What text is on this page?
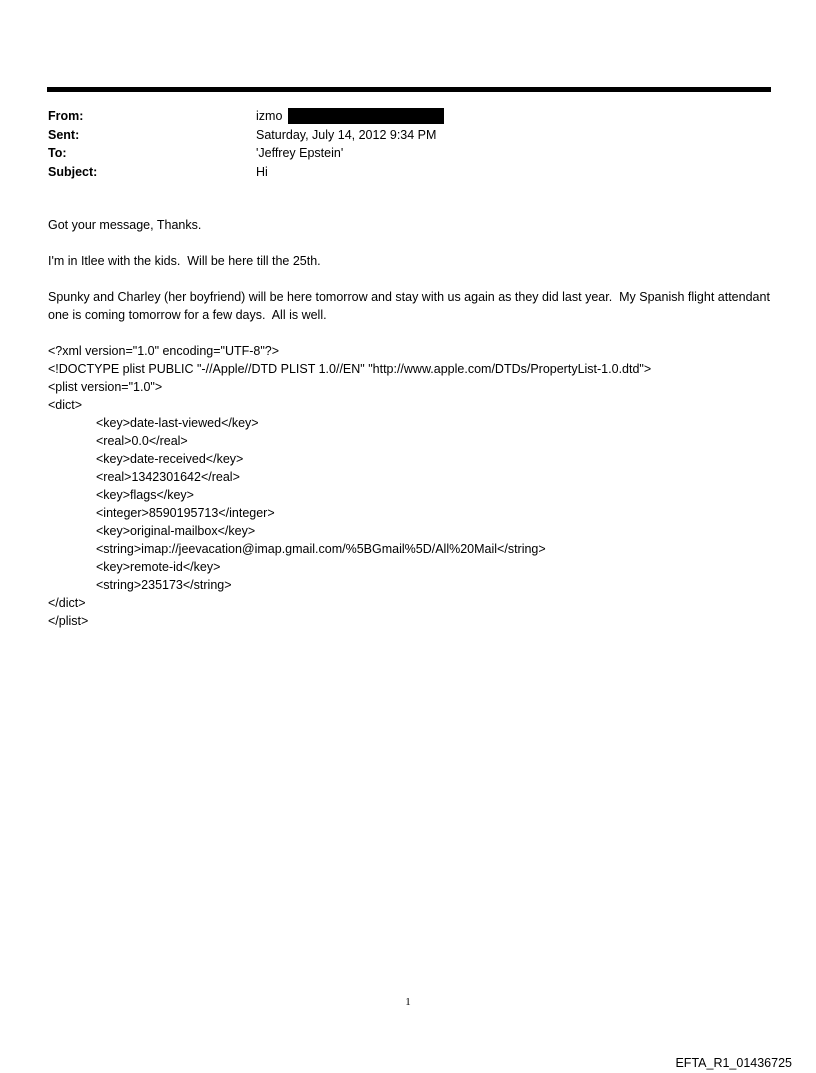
From:	izmo
Sent:	Saturday, July 14, 2012 9:34 PM
To:	'Jeffrey Epstein'
Subject:	Hi

Got your message, Thanks.

I'm in Itlee with the kids.  Will be here till the 25th.

Spunky and Charley (her boyfriend) will be here tomorrow and stay with us again as they did last year.  My Spanish flight attendant one is coming tomorrow for a few days.  All is well.

<?xml version="1.0" encoding="UTF-8"?>

<!DOCTYPE plist PUBLIC "-//Apple//DTD PLIST 1.0//EN" "http://www.apple.com/DTDs/PropertyList-1.0.dtd">

<plist version="1.0">

<dict>

<key>date-last-viewed</key>

<real>0.0</real>

<key>date-received</key>

<real>1342301642</real>

<key>flags</key>

<integer>8590195713</integer>

<key>original-mailbox</key>

<string>imap://jeevacation@imap.gmail.com/%5BGmail%5D/All%20Mail</string>

<key>remote-id</key>

<string>235173</string>

</dict>

</plist>

1
EFTA_R1_01436725
